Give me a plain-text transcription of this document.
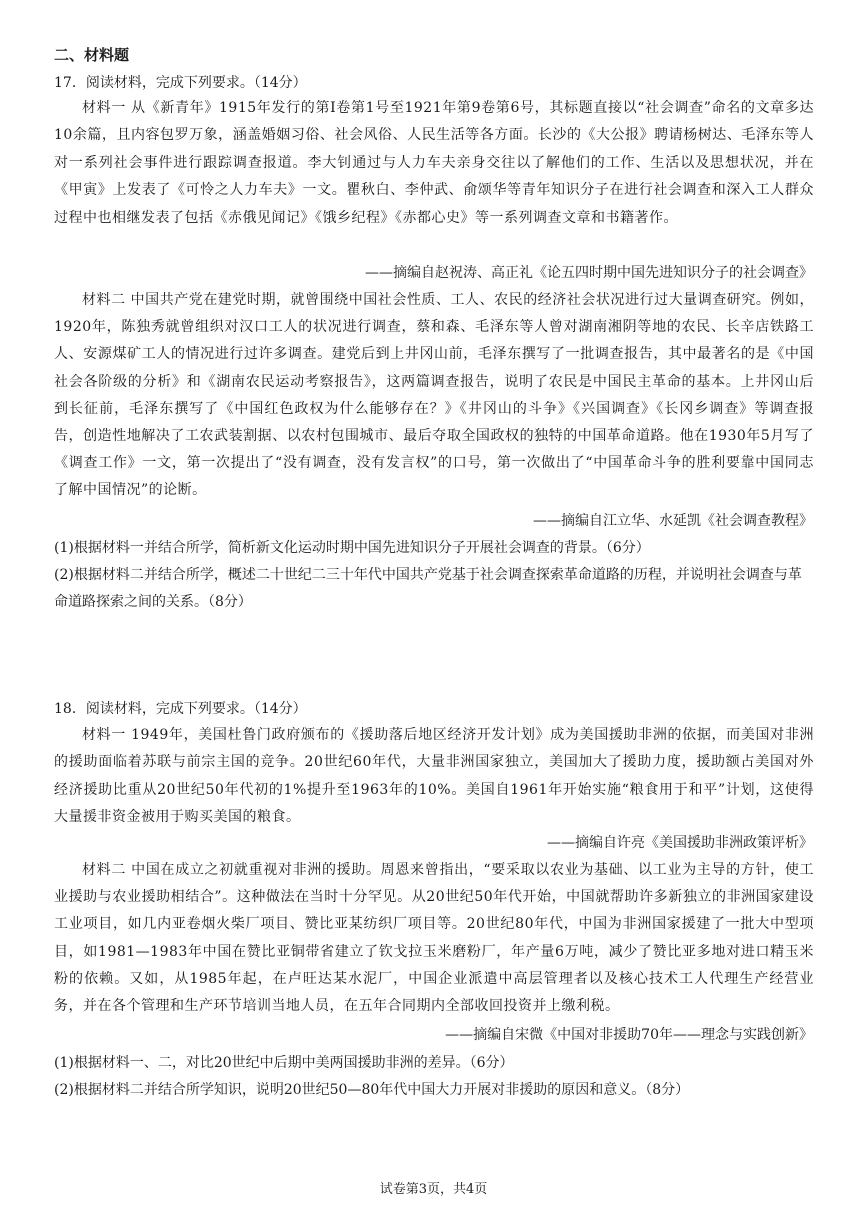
二、材料题
17．阅读材料，完成下列要求。（14分）
材料一 从《新青年》1915年发行的第Ⅰ卷第1号至1921年第9卷第6号，其标题直接以“社会调查”命名的文章多达10余篇，且内容包罗万象，涵盖婚姻习俗、社会风俗、人民生活等各方面。长沙的《大公报》聘请杨树达、毛泽东等人对一系列社会事件进行跟踪调查报道。李大钊通过与人力车夫亲身交往以了解他们的工作、生活以及思想状况，并在《甲寅》上发表了《可怜之人力车夫》一文。瞿秋白、李仲武、俞颂华等青年知识分子在进行社会调查和深入工人群众过程中也相继发表了包括《赤俄见闻记》《饿乡纪程》《赤都心史》等一系列调查文章和书籍著作。
——摘编自赵祝涛、高正礼《论五四时期中国先进知识分子的社会调查》
材料二 中国共产党在建党时期，就曾围绕中国社会性质、工人、农民的经济社会状况进行过大量调查研究。例如，1920年，陈独秀就曾组织对汉口工人的状况进行调查，蔡和森、毛泽东等人曾对湖南湘阴等地的农民、长辛店铁路工人、安源煤矿工人的情况进行过许多调查。建党后到上井冈山前，毛泽东撰写了一批调查报告，其中最著名的是《中国社会各阶级的分析》和《湖南农民运动考察报告》，这两篇调查报告，说明了农民是中国民主革命的基本。上井冈山后到长征前，毛泽东撰写了《中国红色政权为什么能够存在？》《井冈山的斗争》《兴国调查》《长冈乡调查》等调查报告，创造性地解决了工农武装割据、以农村包围城市、最后夺取全国政权的独特的中国革命道路。他在1930年5月写了《调查工作》一文，第一次提出了“没有调查，没有发言权”的口号，第一次做出了“中国革命斗争的胜利要靠中国同志了解中国情况”的论断。
——摘编自江立华、水延凯《社会调查教程》
(1)根据材料一并结合所学，简析新文化运动时期中国先进知识分子开展社会调查的背景。（6分）
(2)根据材料二并结合所学，概述二十世纪二三十年代中国共产党基于社会调查探索革命道路的历程，并说明社会调查与革命道路探索之间的关系。（8分）
18．阅读材料，完成下列要求。（14分）
材料一 1949年，美国杜鲁门政府颁布的《援助落后地区经济开发计划》成为美国援助非洲的依据，而美国对非洲的援助面临着苏联与前宗主国的竞争。20世纪60年代，大量非洲国家独立，美国加大了援助力度，援助额占美国对外经济援助比重从20世纪50年代初的1%提升至1963年的10%。美国自1961年开始实施“粮食用于和平”计划，这使得大量援非资金被用于购买美国的粮食。
——摘编自许亮《美国援助非洲政策评析》
材料二 中国在成立之初就重视对非洲的援助。周恩来曾指出，“要采取以农业为基础、以工业为主导的方针，使工业援助与农业援助相结合”。这种做法在当时十分罕见。从20世纪50年代开始，中国就帮助许多新独立的非洲国家建设工业项目，如几内亚卷烟火柴厂项目、赞比亚某纺织厂项目等。20世纪80年代，中国为非洲国家援建了一批大中型项目，如1981—1983年中国在赞比亚铜带省建立了钦戈拉玉米磨粉厂，年产量6万吨，减少了赞比亚多地对进口精玉米粉的依赖。又如，从1985年起，在卢旺达某水泥厂，中国企业派遣中高层管理者以及核心技术工人代理生产经营业务，并在各个管理和生产环节培训当地人员，在五年合同期内全部收回投资并上缴利税。
——摘编自宋微《中国对非援助70年——理念与实践创新》
(1)根据材料一、二，对比20世纪中后期中美两国援助非洲的差异。（6分）
(2)根据材料二并结合所学知识，说明20世纪50—80年代中国大力开展对非援助的原因和意义。（8分）
试卷第3页，共4页
